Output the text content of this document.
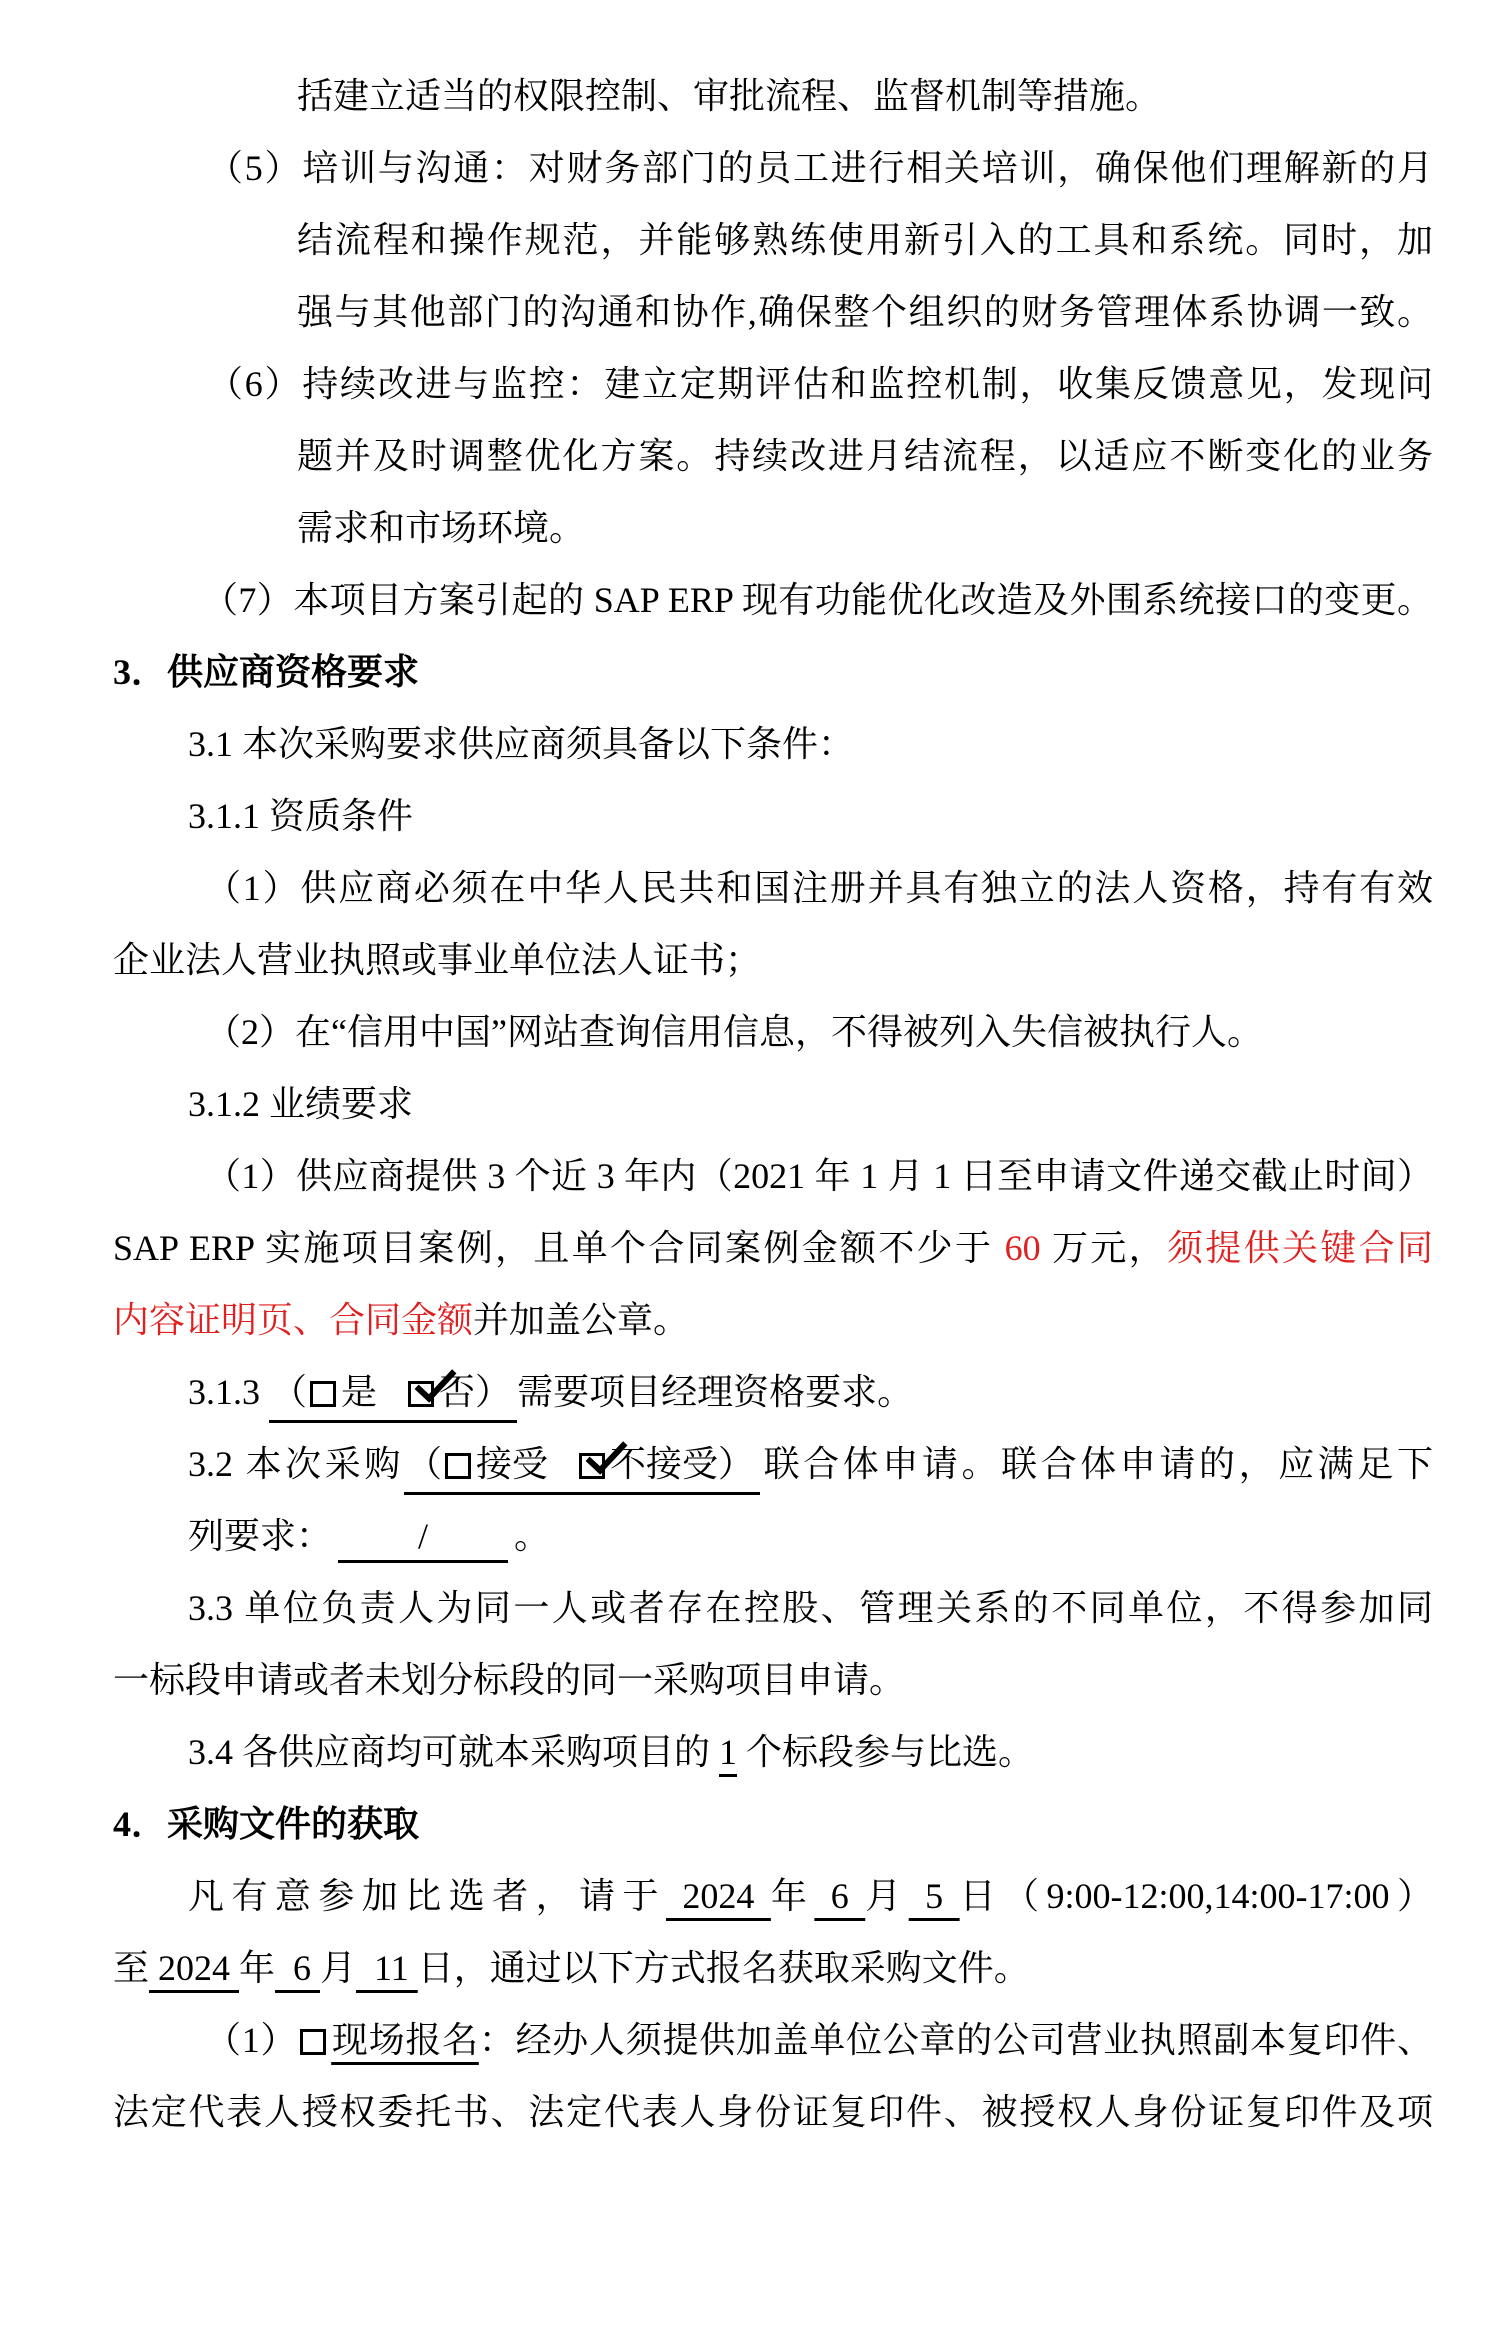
括建立适当的权限控制、审批流程、监督机制等措施。
（5）培训与沟通：对财务部门的员工进行相关培训，确保他们理解新的月
结流程和操作规范，并能够熟练使用新引入的工具和系统。同时，加
强与其他部门的沟通和协作,确保整个组织的财务管理体系协调一致。
（6）持续改进与监控：建立定期评估和监控机制，收集反馈意见，发现问
题并及时调整优化方案。持续改进月结流程，以适应不断变化的业务
需求和市场环境。
（7）本项目方案引起的 SAP ERP 现有功能优化改造及外围系统接口的变更。
3．供应商资格要求
3.1 本次采购要求供应商须具备以下条件：
3.1.1 资质条件
（1）供应商必须在中华人民共和国注册并具有独立的法人资格，持有有效
企业法人营业执照或事业单位法人证书；
（2）在“信用中国”网站查询信用信息，不得被列入失信被执行人。
3.1.2 业绩要求
（1）供应商提供 3 个近 3 年内（2021 年 1 月 1 日至申请文件递交截止时间）
SAP ERP 实施项目案例，且单个合同案例金额不少于 60 万元，须提供关键合同
内容证明页、合同金额并加盖公章。
3.1.3 （ 是 否） 需要项目经理资格要求。
3.2 本次采购（ 接受 不接受） 联合体申请。联合体申请的，应满足下
列要求： / 。
3.3 单位负责人为同一人或者存在控股、管理关系的不同单位，不得参加同
一标段申请或者未划分标段的同一采购项目申请。
3.4 各供应商均可就本采购项目的 1 个标段参与比选。
4．采购文件的获取
凡有意参加比选者，请于 2024 年 6 月 5 日（9:00-12:00,14:00-17:00）
至 2024 年  6 月  11 日，通过以下方式报名获取采购文件。
（1） 现场报名：经办人须提供加盖单位公章的公司营业执照副本复印件、
法定代表人授权委托书、法定代表人身份证复印件、被授权人身份证复印件及项
